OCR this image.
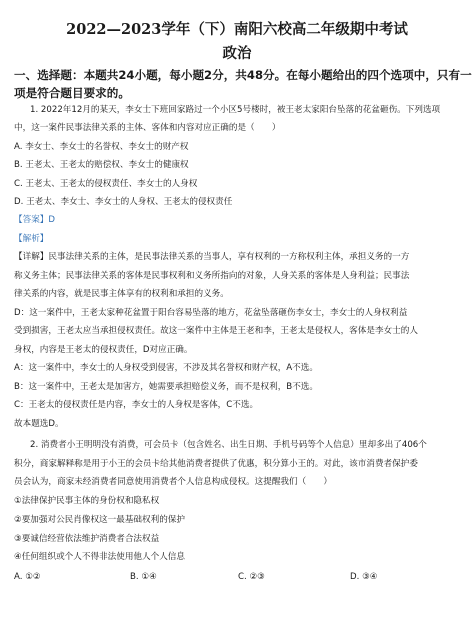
2022—2023学年（下）南阳六校高二年级期中考试
政治
一、选择题：本题共24小题，每小题2分，共48分。在每小题给出的四个选项中，只有一
项是符合题目要求的。
1. 2022年12月的某天，李女士下班回家路过一个小区5号楼时，被王老太家阳台坠落的花盆砸伤。下列选项
中，这一案件民事法律关系的主体、客体和内容对应正确的是（　　）
A. 李女士、李女士的名誉权、李女士的财产权
B. 王老太、王老太的赔偿权、李女士的健康权
C. 王老太、王老太的侵权责任、李女士的人身权
D. 王老太、李女士、李女士的人身权、王老太的侵权责任
【答案】D
【解析】
【详解】民事法律关系的主体，是民事法律关系的当事人，享有权利的一方称权利主体，承担义务的一方
称义务主体；民事法律关系的客体是民事权利和义务所指向的对象，人身关系的客体是人身利益；民事法
律关系的内容，就是民事主体享有的权利和承担的义务。
D：这一案件中，王老太家种花盆置于阳台容易坠落的地方，花盆坠落砸伤李女士，李女士的人身权利益
受到损害，王老太应当承担侵权责任。故这一案件中主体是王老和李，王老太是侵权人，客体是李女士的人
身权，内容是王老太的侵权责任，D对应正确。
A：这一案件中，李女士的人身权受到侵害，不涉及其名誉权和财产权，A不选。
B：这一案件中，王老太是加害方，她需要承担赔偿义务，而不是权利，B不选。
C：王老太的侵权责任是内容，李女士的人身权是客体，C不选。
故本题选D。
2. 消费者小王明明没有消费，可会员卡（包含姓名、出生日期、手机号码等个人信息）里却多出了406个
积分，商家解释称是用于小王的会员卡给其他消费者提供了优惠，积分算小王的。对此，该市消费者保护委
员会认为，商家未经消费者同意使用消费者个人信息构成侵权。这提醒我们（　　）
①法律保护民事主体的身份权和隐私权
②要加强对公民肖像权这一最基础权利的保护
③要诚信经营依法维护消费者合法权益
④任何组织或个人不得非法使用他人个人信息
A. ①②	B. ①④	C. ②③	D. ③④
